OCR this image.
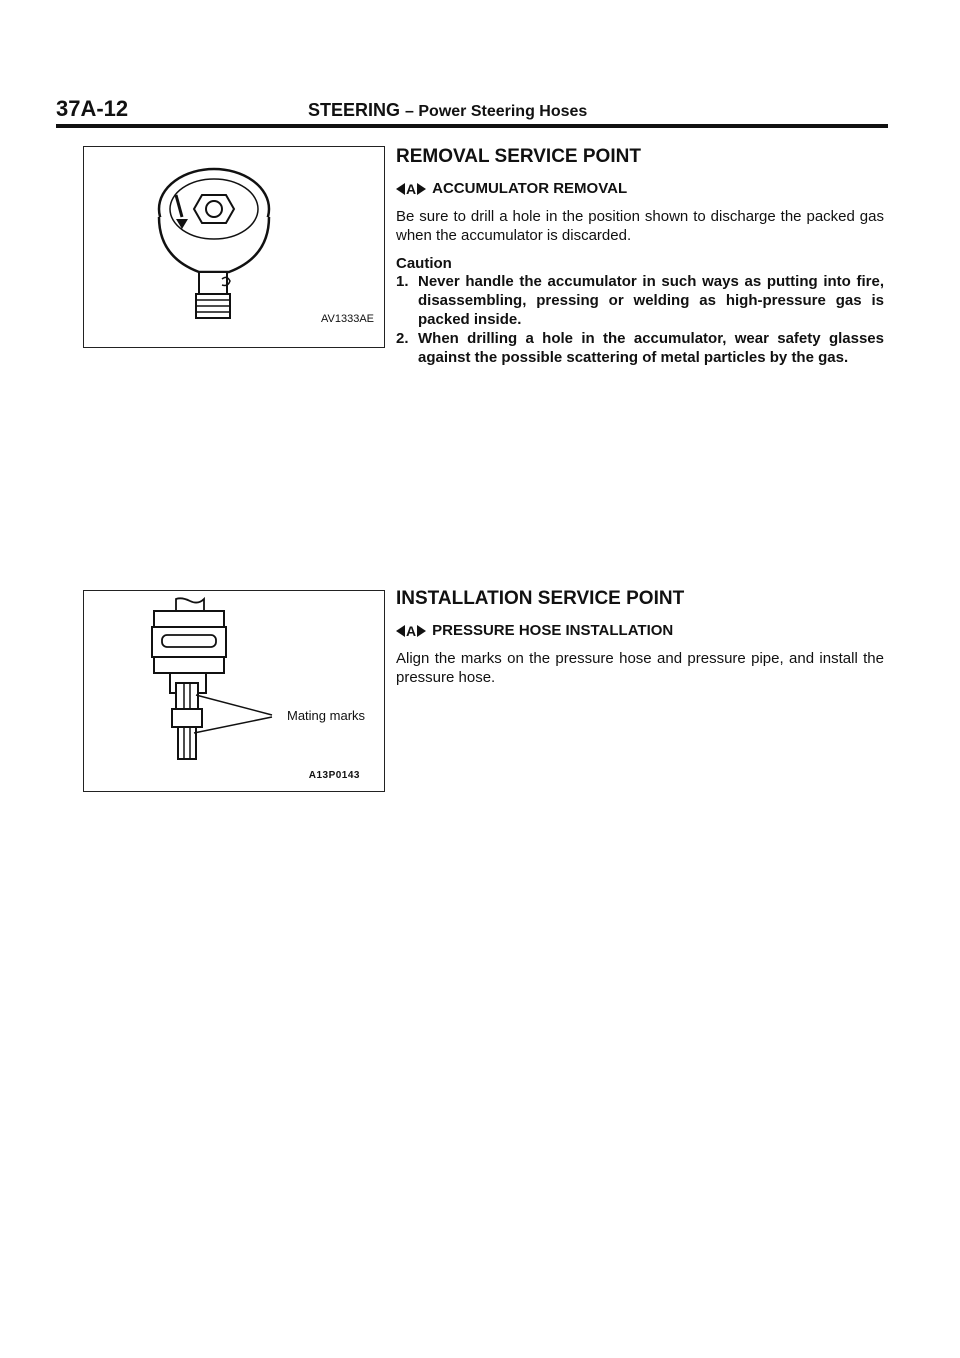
37A-12	STEERING – Power Steering Hoses
AV1333AE
Mating marks
A13P0143
REMOVAL SERVICE POINT
A ACCUMULATOR REMOVAL

Be sure to drill a hole in the position shown to discharge the packed gas when the accumulator is discarded.

Caution
1. Never handle the accumulator in such ways as putting into fire, disassembling, pressing or welding as high-pressure gas is packed inside.
2. When drilling a hole in the accumulator, wear safety glasses against the possible scattering of metal particles by the gas.
INSTALLATION SERVICE POINT
A PRESSURE HOSE INSTALLATION

Align the marks on the pressure hose and pressure pipe, and install the pressure hose.
